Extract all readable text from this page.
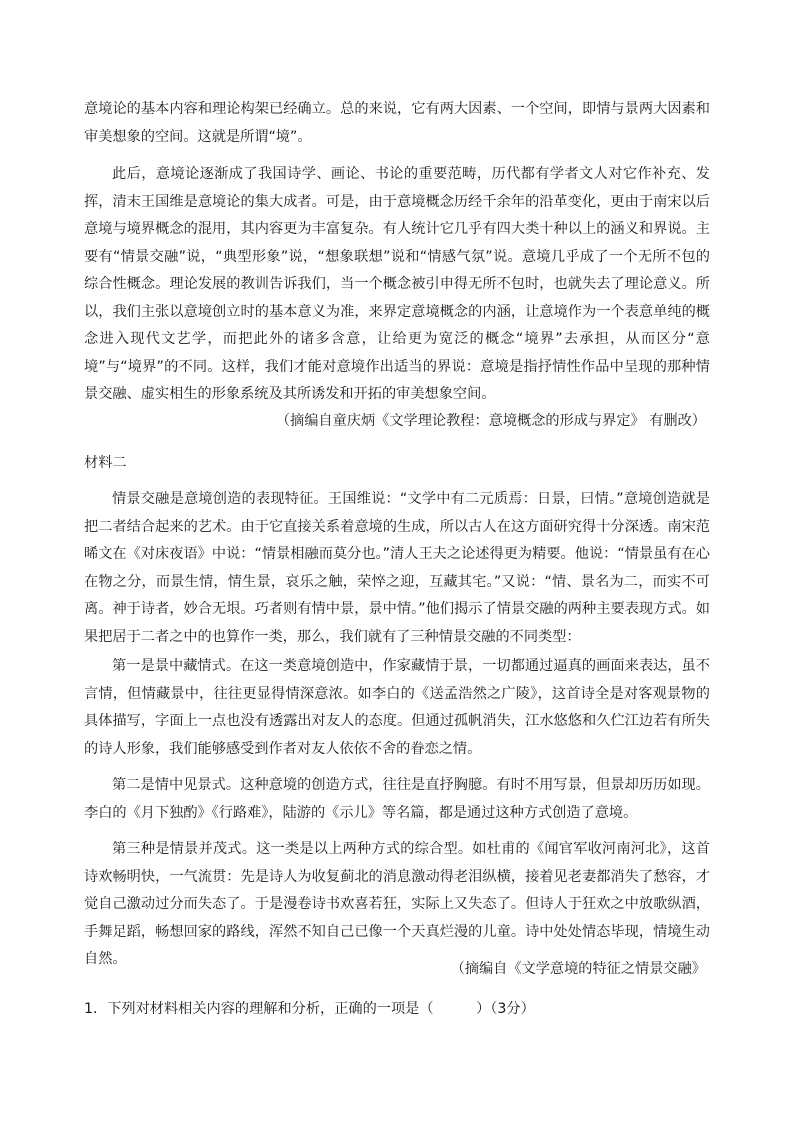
意境论的基本内容和理论构架已经确立。总的来说，它有两大因素、一个空间，即情与景两大因素和审美想象的空间。这就是所谓“境”。

此后，意境论逐渐成了我国诗学、画论、书论的重要范畴，历代都有学者文人对它作补充、发挥，清末王国维是意境论的集大成者。可是，由于意境概念历经千余年的沿革变化，更由于南宋以后意境与境界概念的混用，其内容更为丰富复杂。有人统计它几乎有四大类十种以上的涵义和界说。主要有“情景交融”说，“典型形象”说，“想象联想”说和“情感气氛”说。意境几乎成了一个无所不包的综合性概念。理论发展的教训告诉我们，当一个概念被引申得无所不包时，也就失去了理论意义。所以，我们主张以意境创立时的基本意义为准，来界定意境概念的内涵，让意境作为一个表意单纯的概念进入现代文艺学，而把此外的诸多含意，让给更为宽泛的概念“境界”去承担，从而区分“意境”与“境界”的不同。这样，我们才能对意境作出适当的界说：意境是指抒情性作品中呈现的那种情景交融、虚实相生的形象系统及其所诱发和开拓的审美想象空间。

（摘编自童庆炳《文学理论教程：意境概念的形成与界定》 有删改）

材料二

情景交融是意境创造的表现特征。王国维说：“文学中有二元质焉：日景，曰情。”意境创造就是把二者结合起来的艺术。由于它直接关系着意境的生成，所以古人在这方面研究得十分深透。南宋范晞文在《对床夜语》中说：“情景相融而莫分也。”清人王夫之论述得更为精要。他说：“情景虽有在心在物之分，而景生情，情生景，哀乐之触，荣悴之迎，互藏其宅。”又说：“情、景名为二，而实不可离。神于诗者，妙合无垠。巧者则有情中景，景中情。”他们揭示了情景交融的两种主要表现方式。如果把居于二者之中的也算作一类，那么，我们就有了三种情景交融的不同类型：

第一是景中藏情式。在这一类意境创造中，作家藏情于景，一切都通过逼真的画面来表达，虽不言情，但情藏景中，往往更显得情深意浓。如李白的《送孟浩然之广陵》，这首诗全是对客观景物的具体描写，字面上一点也没有透露出对友人的态度。但通过孤帆消失，江水悠悠和久伫江边若有所失的诗人形象，我们能够感受到作者对友人依依不舍的眷恋之情。

第二是情中见景式。这种意境的创造方式，往往是直抒胸臆。有时不用写景，但景却历历如现。李白的《月下独酌》《行路难》，陆游的《示儿》等名篇，都是通过这种方式创造了意境。

第三种是情景并茂式。这一类是以上两种方式的综合型。如杜甫的《闻官军收河南河北》，这首诗欢畅明快，一气流贯：先是诗人为收复蓟北的消息激动得老泪纵横，接着见老妻都消失了愁容，才觉自己激动过分而失态了。于是漫卷诗书欢喜若狂，实际上又失态了。但诗人于狂欢之中放歌纵酒，手舞足蹈，畅想回家的路线，浑然不知自己已像一个天真烂漫的儿童。诗中处处情态毕现，情境生动自然。

（摘编自《文学意境的特征之情景交融》

1．下列对材料相关内容的理解和分析，正确的一项是（　　　）（3分）
